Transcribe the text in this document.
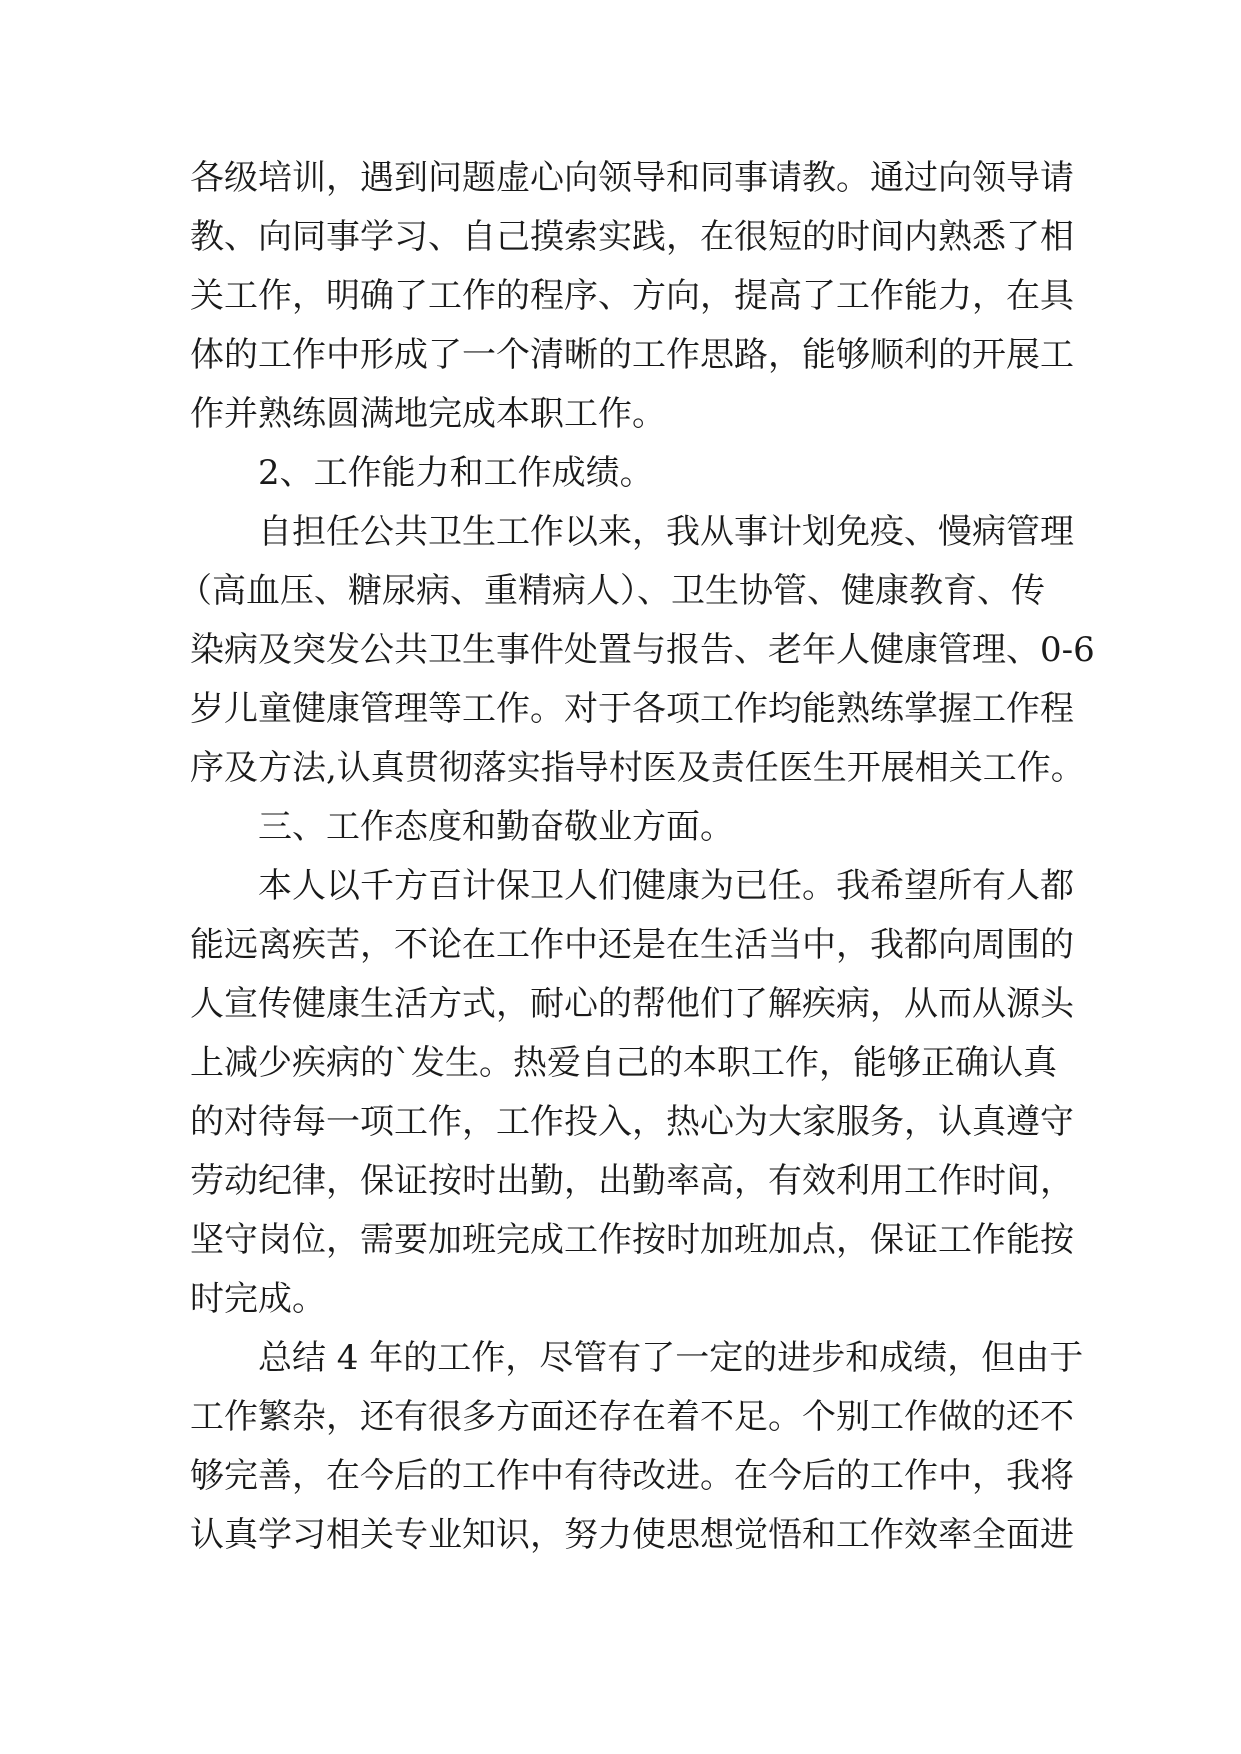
各级培训，遇到问题虚心向领导和同事请教。通过向领导请
教、向同事学习、自己摸索实践，在很短的时间内熟悉了相
关工作，明确了工作的程序、方向，提高了工作能力，在具
体的工作中形成了一个清晰的工作思路，能够顺利的开展工
作并熟练圆满地完成本职工作。
2、工作能力和工作成绩。
自担任公共卫生工作以来，我从事计划免疫、慢病管理
（高血压、糖尿病、重精病人）、卫生协管、健康教育、传
染病及突发公共卫生事件处置与报告、老年人健康管理、0-6
岁儿童健康管理等工作。对于各项工作均能熟练掌握工作程
序及方法,认真贯彻落实指导村医及责任医生开展相关工作。
三、工作态度和勤奋敬业方面。
本人以千方百计保卫人们健康为已任。我希望所有人都
能远离疾苦，不论在工作中还是在生活当中，我都向周围的
人宣传健康生活方式，耐心的帮他们了解疾病，从而从源头
上减少疾病的`发生。热爱自己的本职工作，能够正确认真
的对待每一项工作，工作投入，热心为大家服务，认真遵守
劳动纪律，保证按时出勤，出勤率高，有效利用工作时间，
坚守岗位，需要加班完成工作按时加班加点，保证工作能按
时完成。
总结 4 年的工作，尽管有了一定的进步和成绩，但由于
工作繁杂，还有很多方面还存在着不足。个别工作做的还不
够完善，在今后的工作中有待改进。在今后的工作中，我将
认真学习相关专业知识，努力使思想觉悟和工作效率全面进
